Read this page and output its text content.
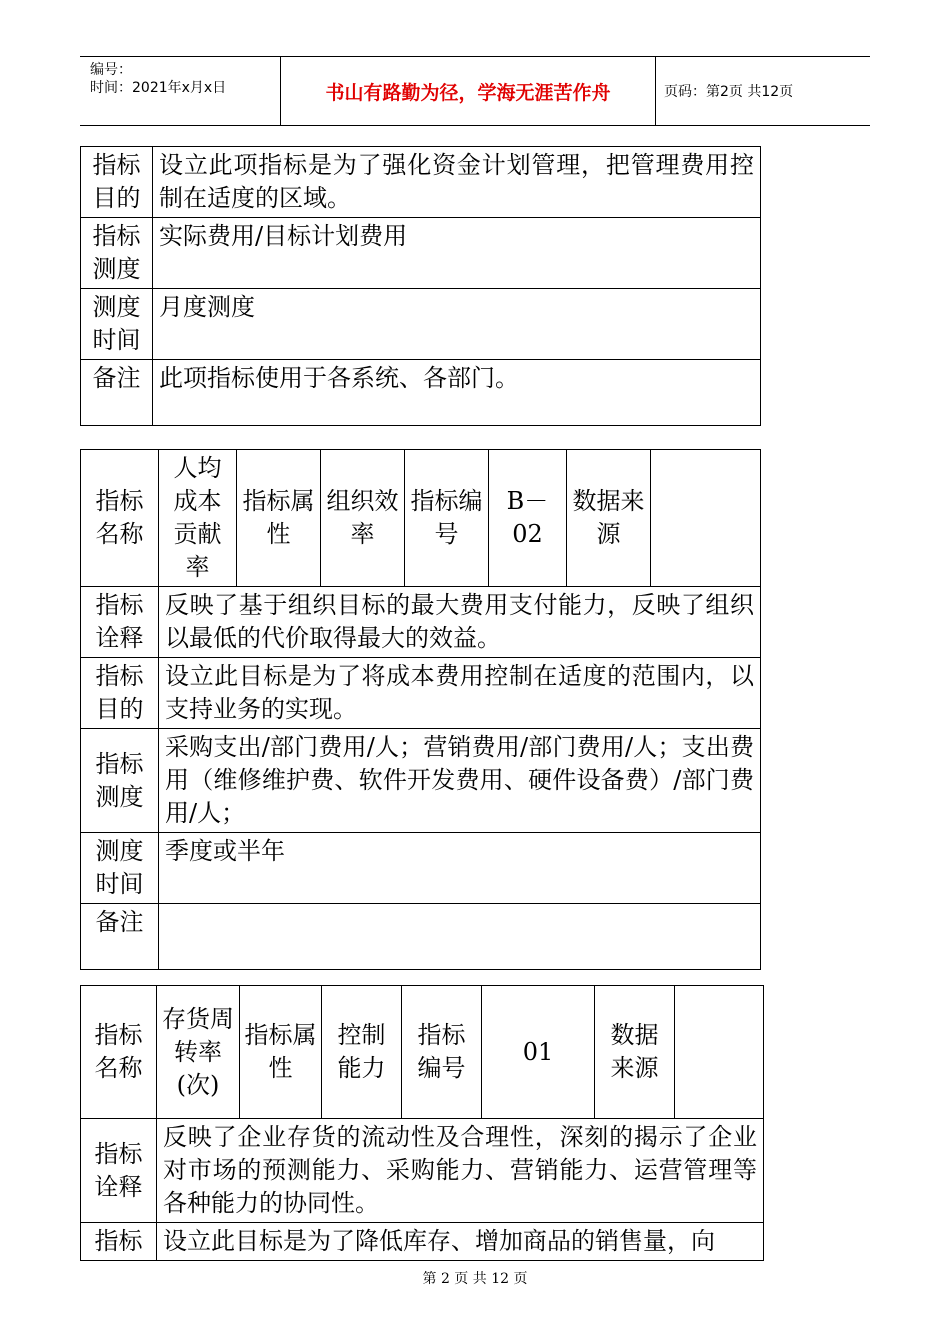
编号：
时间：2021年x月x日	书山有路勤为径，学海无涯苦作舟	页码：第2页 共12页
指标目的	设立此项指标是为了强化资金计划管理，把管理费用控制在适度的区域。
指标测度	实际费用/目标计划费用
测度时间	月度测度
备注	此项指标使用于各系统、各部门。
指标名称	人均成本贡献率	指标属性	组织效率	指标编号	B－02	数据来源	
指标诠释	反映了基于组织目标的最大费用支付能力，反映了组织以最低的代价取得最大的效益。						
指标目的	设立此目标是为了将成本费用控制在适度的范围内，以支持业务的实现。						
指标测度	采购支出/部门费用/人；营销费用/部门费用/人；支出费用（维修维护费、软件开发费用、硬件设备费）/部门费用/人；						
测度时间	季度或半年						
备注							
指标名称	存货周转率(次)	指标属性	控制能力	指标编号	01	数据来源	
指标诠释	反映了企业存货的流动性及合理性，深刻的揭示了企业对市场的预测能力、采购能力、营销能力、运营管理等各种能力的协同性。						
指标	设立此目标是为了降低库存、增加商品的销售量，向						
第 2 页 共 12 页
